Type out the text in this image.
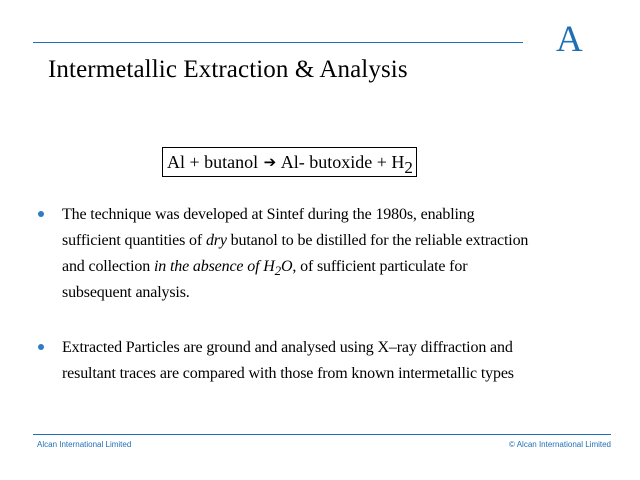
A
Intermetallic Extraction & Analysis
Al + butanol ➔ Al- butoxide + H2
The technique was developed at Sintef during the 1980s, enabling
sufficient quantities of dry butanol to be distilled for the reliable extraction
and collection in the absence of $H_2O$, of sufficient particulate for
subsequent analysis.
Extracted Particles are ground and analysed using X–ray diffraction and
resultant traces are compared with those from known intermetallic types
Alcan International Limited	© Alcan International Limited
